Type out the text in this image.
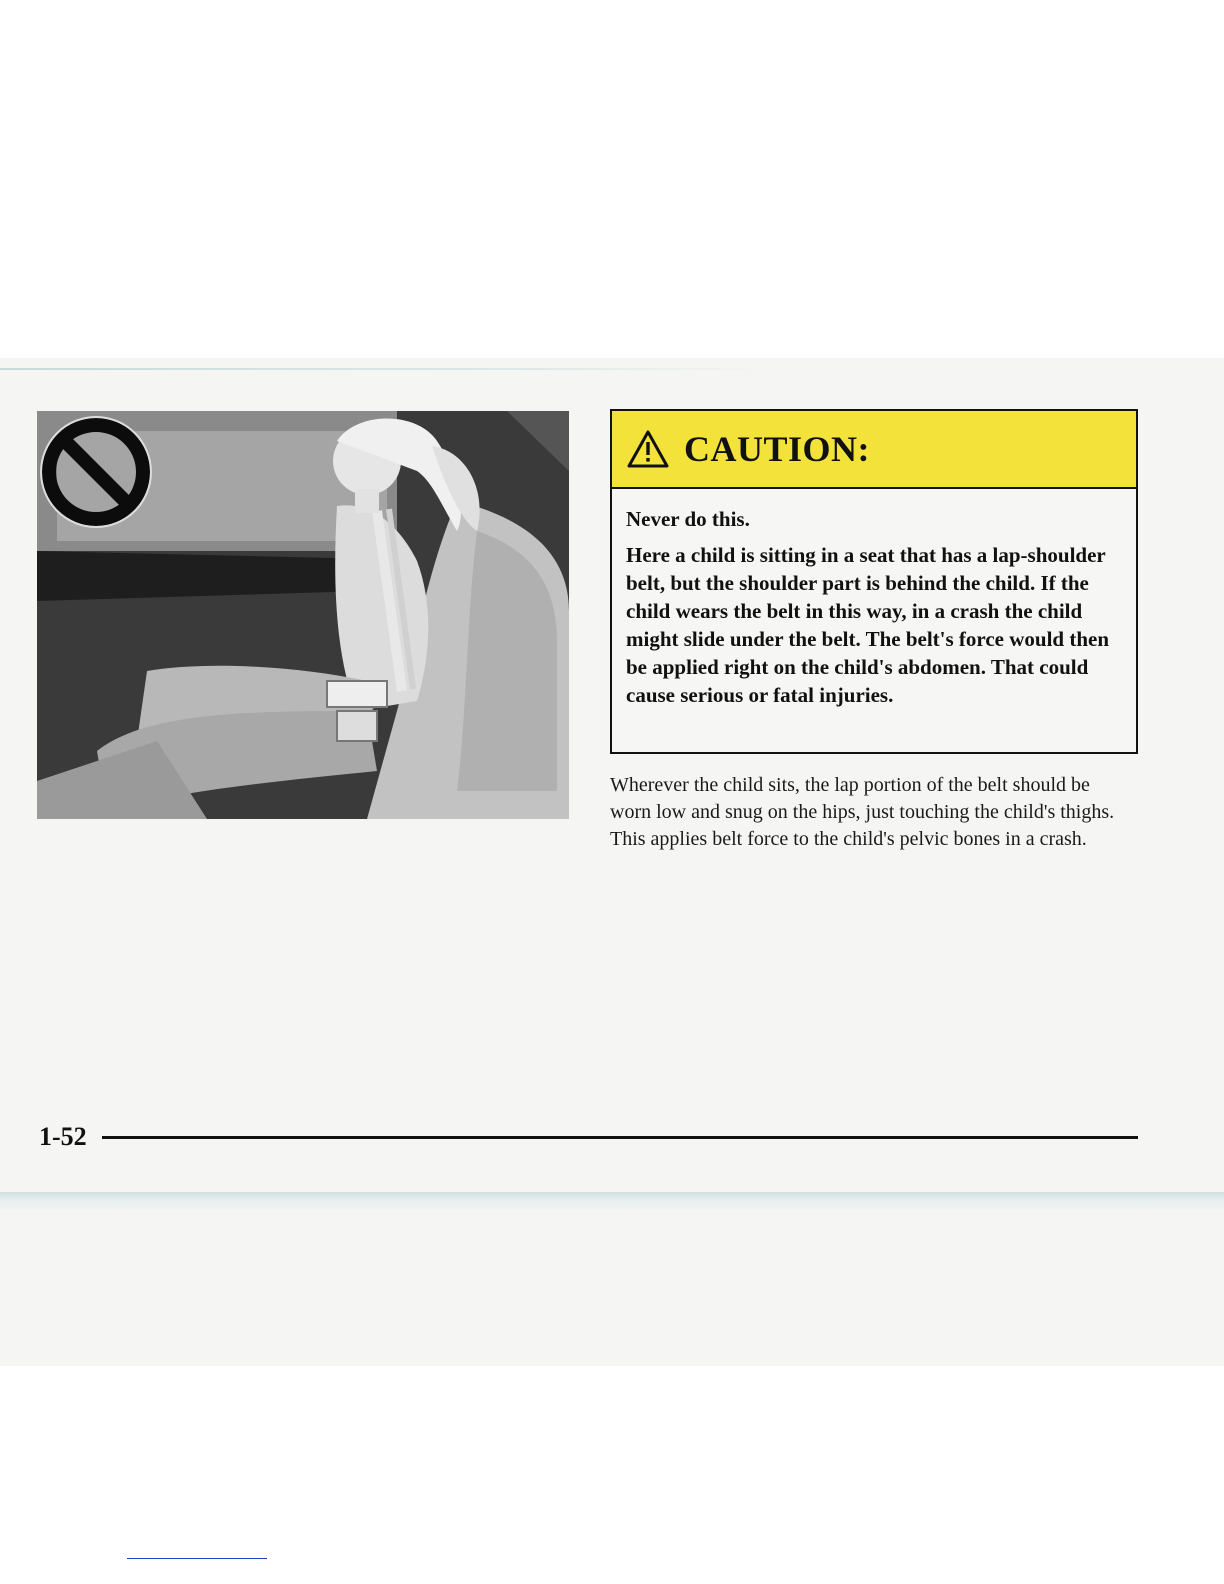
CAUTION:

Never do this.

Here a child is sitting in a seat that has a lap-shoulder belt, but the shoulder part is behind the child. If the child wears the belt in this way, in a crash the child might slide under the belt. The belt's force would then be applied right on the child's abdomen. That could cause serious or fatal injuries.

Wherever the child sits, the lap portion of the belt should be worn low and snug on the hips, just touching the child's thighs. This applies belt force to the child's pelvic bones in a crash.

1-52
